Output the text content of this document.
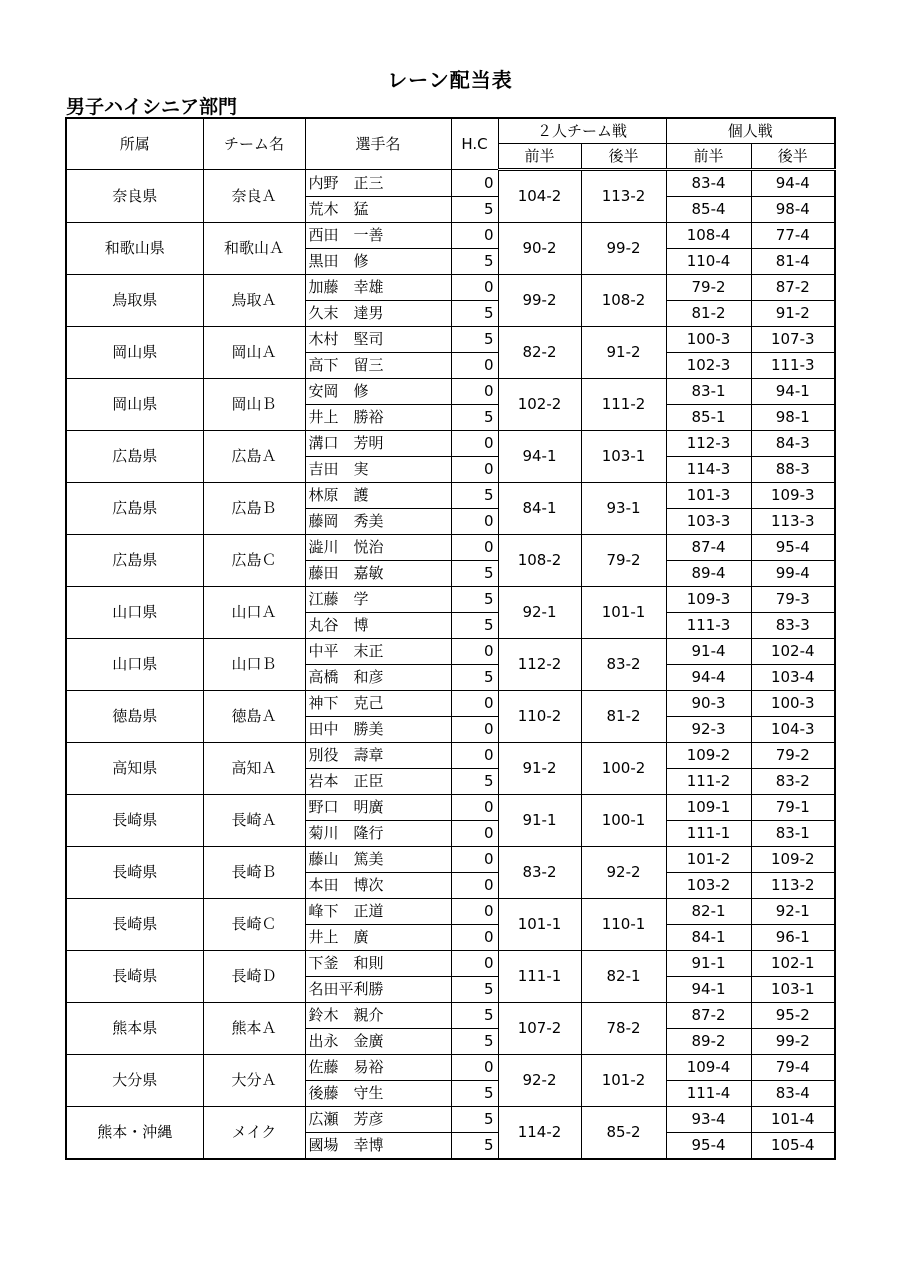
レーン配当表
男子ハイシニア部門
所属	チーム名	選手名	H.C	２人チーム戦		個人戦	
				前半	後半	前半	後半
奈良県	奈良Ａ	内野　正三	0	104-2	113-2	83-4	94-4
		荒木　猛	5			85-4	98-4
和歌山県	和歌山Ａ	西田　一善	0	90-2	99-2	108-4	77-4
		黒田　修	5			110-4	81-4
鳥取県	鳥取Ａ	加藤　幸雄	0	99-2	108-2	79-2	87-2
		久末　達男	5			81-2	91-2
岡山県	岡山Ａ	木村　堅司	5	82-2	91-2	100-3	107-3
		高下　留三	0			102-3	111-3
岡山県	岡山Ｂ	安岡　修	0	102-2	111-2	83-1	94-1
		井上　勝裕	5			85-1	98-1
広島県	広島Ａ	溝口　芳明	0	94-1	103-1	112-3	84-3
		吉田　実	0			114-3	88-3
広島県	広島Ｂ	林原　護	5	84-1	93-1	101-3	109-3
		藤岡　秀美	0			103-3	113-3
広島県	広島Ｃ	澁川　悦治	0	108-2	79-2	87-4	95-4
		藤田　嘉敏	5			89-4	99-4
山口県	山口Ａ	江藤　学	5	92-1	101-1	109-3	79-3
		丸谷　博	5			111-3	83-3
山口県	山口Ｂ	中平　末正	0	112-2	83-2	91-4	102-4
		高橋　和彦	5			94-4	103-4
徳島県	徳島Ａ	神下　克己	0	110-2	81-2	90-3	100-3
		田中　勝美	0			92-3	104-3
高知県	高知Ａ	別役　壽章	0	91-2	100-2	109-2	79-2
		岩本　正臣	5			111-2	83-2
長崎県	長崎Ａ	野口　明廣	0	91-1	100-1	109-1	79-1
		菊川　隆行	0			111-1	83-1
長崎県	長崎Ｂ	藤山　篤美	0	83-2	92-2	101-2	109-2
		本田　博次	0			103-2	113-2
長崎県	長崎Ｃ	峰下　正道	0	101-1	110-1	82-1	92-1
		井上　廣	0			84-1	96-1
長崎県	長崎Ｄ	下釜　和則	0	111-1	82-1	91-1	102-1
		名田平利勝	5			94-1	103-1
熊本県	熊本Ａ	鈴木　親介	5	107-2	78-2	87-2	95-2
		出永　金廣	5			89-2	99-2
大分県	大分Ａ	佐藤　易裕	0	92-2	101-2	109-4	79-4
		後藤　守生	5			111-4	83-4
熊本・沖縄	メイク	広瀬　芳彦	5	114-2	85-2	93-4	101-4
		國場　幸博	5			95-4	105-4
